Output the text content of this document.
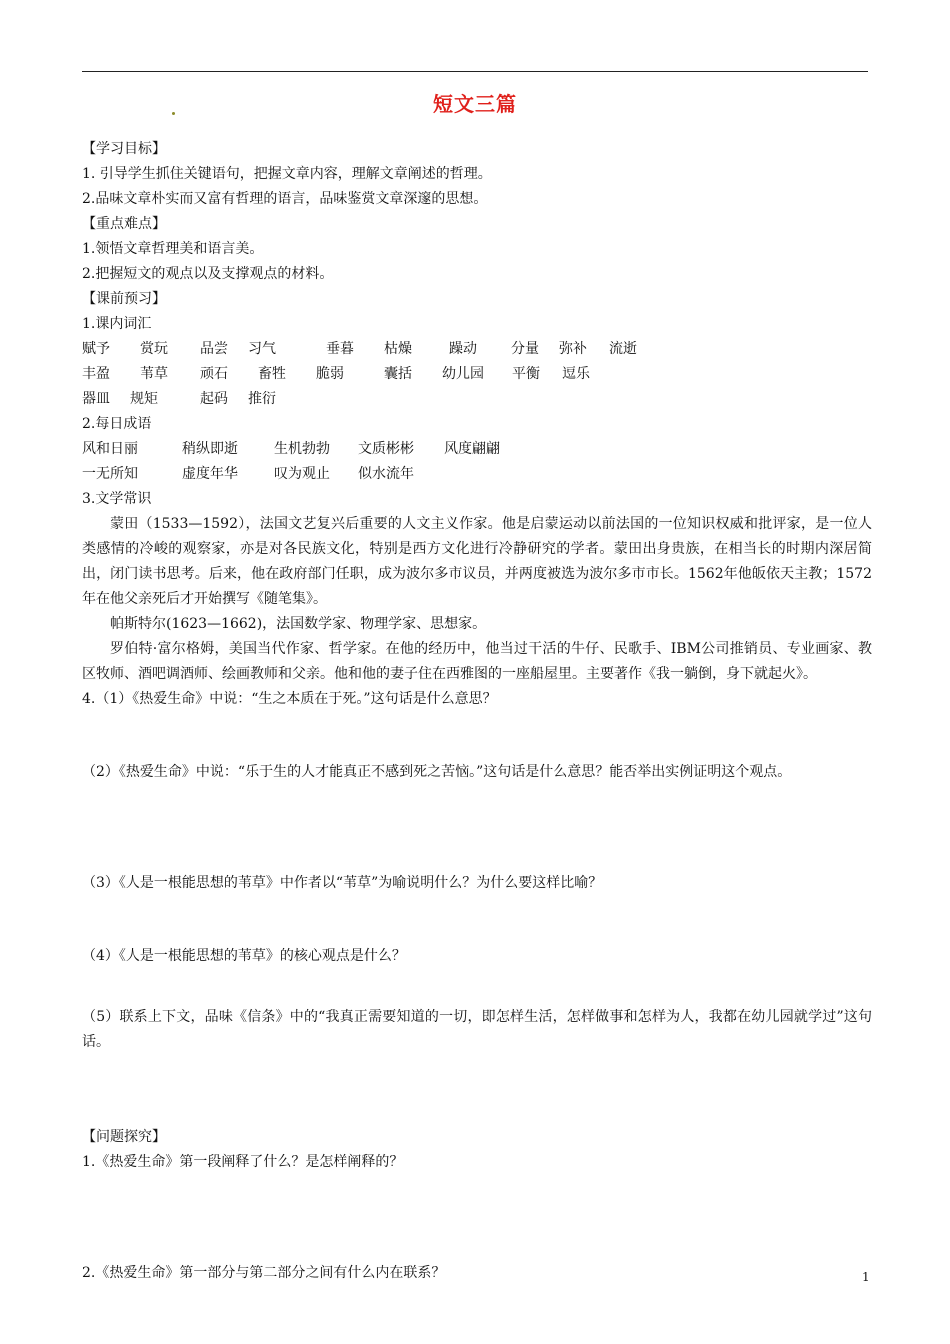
短文三篇
【学习目标】
1. 引导学生抓住关键语句，把握文章内容，理解文章阐述的哲理。
2.品味文章朴实而又富有哲理的语言，品味鉴赏文章深邃的思想。
【重点难点】
1.领悟文章哲理美和语言美。
2.把握短文的观点以及支撑观点的材料。
【课前预习】
1.课内词汇
赋予 赏玩 品尝 习气	垂暮 枯燥	躁动 分量 弥补 流逝
丰盈 苇草 顽石 畜牲 脆弱	囊括 幼儿园 平衡 逗乐
器皿 规矩	起码 推衍
2.每日成语
风和日丽	稍纵即逝	生机勃勃 文质彬彬 风度翩翩
一无所知	虚度年华	叹为观止 似水流年
3.文学常识
蒙田（1533—1592），法国文艺复兴后重要的人文主义作家。他是启蒙运动以前法国的一位知识权威和批评家，是一位人类感情的冷峻的观察家，亦是对各民族文化，特别是西方文化进行冷静研究的学者。蒙田出身贵族，在相当长的时期内深居简出，闭门读书思考。后来，他在政府部门任职，成为波尔多市议员，并两度被选为波尔多市市长。1562年他皈依天主教；1572年在他父亲死后才开始撰写《随笔集》。
帕斯特尔(1623—1662)，法国数学家、物理学家、思想家。
罗伯特·富尔格姆，美国当代作家、哲学家。在他的经历中，他当过干活的牛仔、民歌手、IBM公司推销员、专业画家、教区牧师、酒吧调酒师、绘画教师和父亲。他和他的妻子住在西雅图的一座船屋里。主要著作《我一躺倒，身下就起火》。
4.（1）《热爱生命》中说：“生之本质在于死。”这句话是什么意思？
（2）《热爱生命》中说：“乐于生的人才能真正不感到死之苦恼。”这句话是什么意思？能否举出实例证明这个观点。
（3）《人是一根能思想的苇草》中作者以“苇草”为喻说明什么？为什么要这样比喻？
（4）《人是一根能思想的苇草》的核心观点是什么？
（5）联系上下文，品味《信条》中的“我真正需要知道的一切，即怎样生活，怎样做事和怎样为人，我都在幼儿园就学过”这句话。
【问题探究】
1.《热爱生命》第一段阐释了什么？是怎样阐释的？
2.《热爱生命》第一部分与第二部分之间有什么内在联系？	1
